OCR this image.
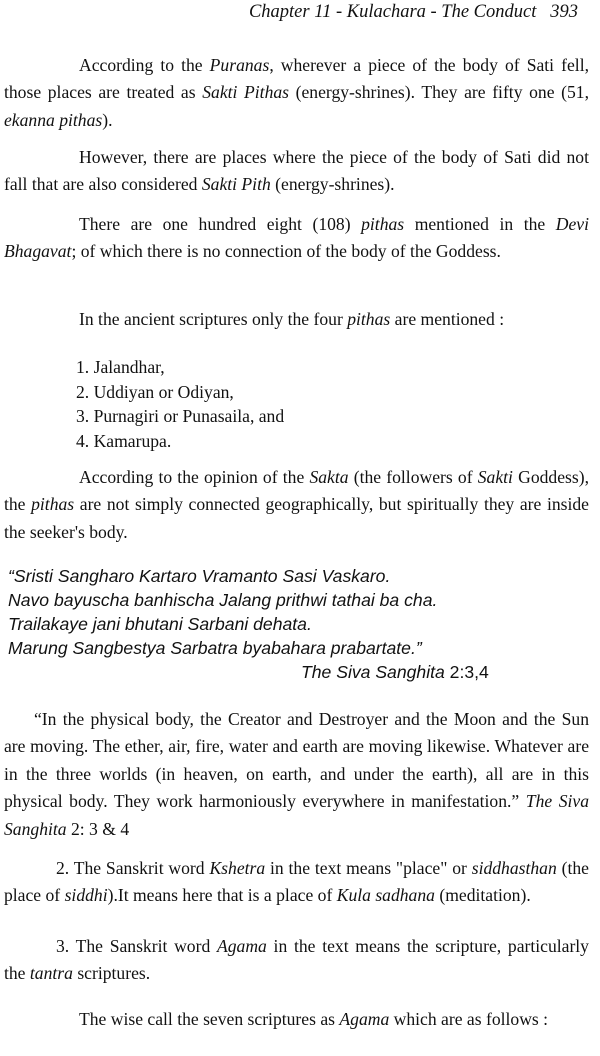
Chapter 11 - Kulachara - The Conduct 393

According to the Puranas, wherever a piece of the body of Sati fell, those places are treated as Sakti Pithas (energy-shrines). They are fifty one (51, ekanna pithas).

However, there are places where the piece of the body of Sati did not fall that are also considered Sakti Pith (energy-shrines).

There are one hundred eight (108) pithas mentioned in the Devi Bhagavat; of which there is no connection of the body of the Goddess.

In the ancient scriptures only the four pithas are mentioned :

1. Jalandhar,
2. Uddiyan or Odiyan,
3. Purnagiri or Punasaila, and
4. Kamarupa.

According to the opinion of the Sakta (the followers of Sakti Goddess), the pithas are not simply connected geographically, but spiritually they are inside the seeker's body.

“Sristi Sangharo Kartaro Vramanto Sasi Vaskaro.
Navo bayuscha banhischa Jalang prithwi tathai ba cha.
Trailakaye jani bhutani Sarbani dehata.
Marung Sangbestya Sarbatra byabahara prabartate.”
The Siva Sanghita 2:3,4

“In the physical body, the Creator and Destroyer and the Moon and the Sun are moving. The ether, air, fire, water and earth are moving likewise. Whatever are in the three worlds (in heaven, on earth, and under the earth), all are in this physical body. They work harmoniously everywhere in manifestation.” The Siva Sanghita 2: 3 & 4

2. The Sanskrit word Kshetra in the text means "place" or siddhasthan (the place of siddhi).It means here that is a place of Kula sadhana (meditation).

3. The Sanskrit word Agama in the text means the scripture, particularly the tantra scriptures.

The wise call the seven scriptures as Agama which are as follows :
